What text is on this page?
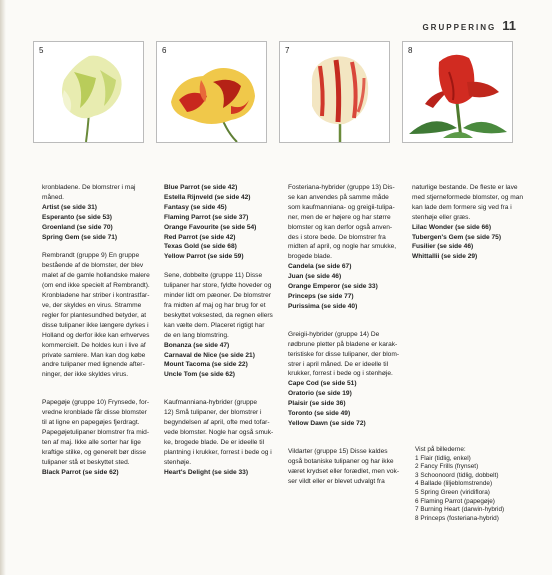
GRUPPERING 11
5	6	7	8
kronbladene. De blomstrer i maj
måned.
Artist (se side 31)
Esperanto (se side 53)
Groenland (se side 70)
Spring Gem (se side 71)
Rembrandt (gruppe 9) En gruppe
bestående af de blomster, der blev
malet af de gamle hollandske malere
(om end ikke specielt af Rembrandt).
Kronbladene har striber i kontrastfar-
ve, der skyldes en virus. Stramme
regler for plantesundhed betyder, at
disse tulipaner ikke længere dyrkes i
Holland og derfor ikke kan erhverves
kommercielt. De holdes kun i live af
private samlere. Man kan dog købe
andre tulipaner med lignende aftег-
ninger, der ikke skyldes virus.
Papegøje (gruppe 10) Frynsede, for-
vredne kronblade får disse blomster
til at ligne en papegøjes fjerdragt.
Papegøjetulipaner blomstrer fra mid-
ten af maj. Ikke alle sorter har lige
kraftige stilke, og generelt bør disse
tulipaner stå et beskyttet sted.
Black Parrot (se side 62)
Blue Parrot (se side 42)
Estella Rijnveld (se side 42)
Fantasy (se side 45)
Flaming Parrot (se side 37)
Orange Favourite (se side 54)
Red Parrot (se side 42)
Texas Gold (se side 68)
Yellow Parrot (se side 59)
Sene, dobbelte (gruppe 11) Disse
tulipaner har store, fyldte hoveder og
minder lidt om pæoner. De blomstrer
fra midten af maj og har brug for et
beskyttet voksested, da regnen ellers
kan vælte dem. Placeret rigtigt har
de en lang blomstring.
Bonanza (se side 47)
Carnaval de Nice (se side 21)
Mount Tacoma (se side 22)
Uncle Tom (se side 62)
Kaufmanniana-hybrider (gruppe
12) Små tulipaner, der blomstrer i
begyndelsen af april, ofte med tofar-
vede blomster. Nogle har også smuk-
ke, brogede blade. De er ideelle til
plantning i krukker, forrest i bede og i
stenhøje.
Heart's Delight (se side 33)
Fosteriana-hybrider (gruppe 13) Dis-
se kan anvendes på samme måde
som kaufmanniana- og greigii-tulipa-
ner, men de er højere og har større
blomster og kan derfor også anven-
des i store bede. De blomstrer fra
midten af april, og nogle har smukke,
brogede blade.
Candela (se side 67)
Juan (se side 46)
Orange Emperor (se side 33)
Princeps (se side 77)
Purissima (se side 40)
Greigii-hybrider (gruppe 14) De
rødbrune pletter på bladene er karak-
teristiske for disse tulipaner, der blom-
strer i april måned. De er ideelle til
krukker, forrest i bede og i stenhøje.
Cape Cod (se side 51)
Oratorio (se side 19)
Plaisir (se side 36)
Toronto (se side 49)
Yellow Dawn (se side 72)
Vildarter (gruppe 15) Disse kaldes
også botaniske tulipaner og har ikke
været krydset eller forædlet, men vok-
ser vildt eller er blevet udvalgt fra
naturlige bestande. De fleste er lave
med stjerneformede blomster, og man
kan lade dem formere sig ved fra i
stenhøje eller græs.
Lilac Wonder (se side 66)
Tubergen's Gem (se side 75)
Fusilier (se side 46)
Whittallii (se side 29)
Vist på billederne:
1 Flair (tidlig, enkel)
2 Fancy Frills (frynset)
3 Schoonoord (tidlig, dobbelt)
4 Ballade (liljeblomstrende)
5 Spring Green (viridiflora)
6 Flaming Parrot (papegøje)
7 Burning Heart (darwin-hybrid)
8 Princeps (fosteriana-hybrid)
